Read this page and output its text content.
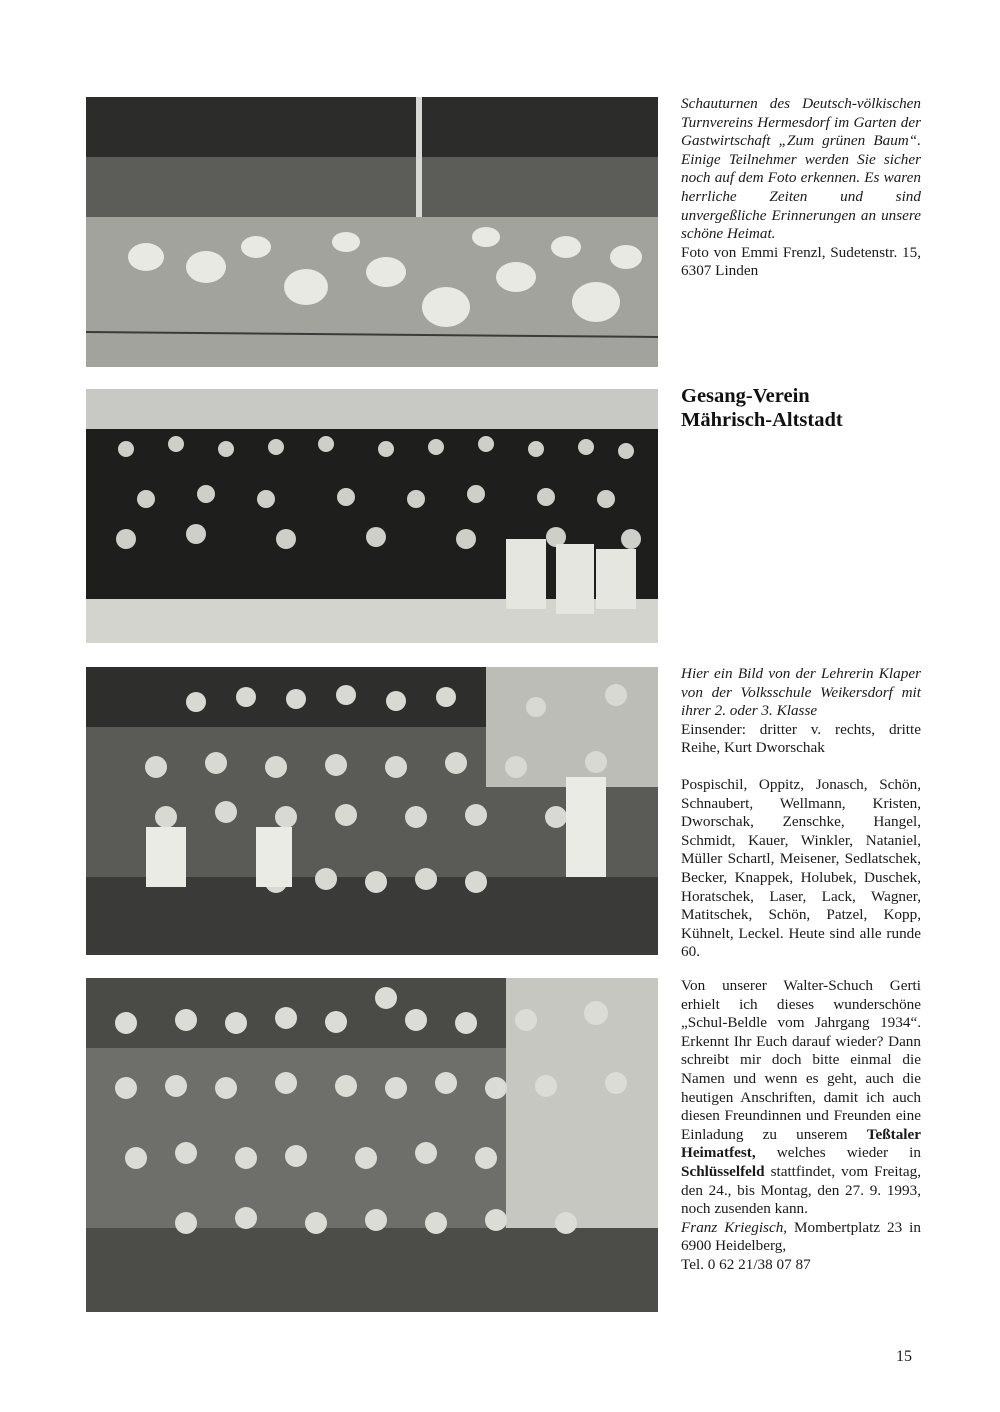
Schauturnen des Deutsch-völkischen Turnvereins Hermesdorf im Garten der Gastwirtschaft „Zum grünen Baum“. Einige Teilnehmer werden Sie sicher noch auf dem Foto erkennen. Es waren herrliche Zeiten und sind unvergeßliche Erinnerungen an unsere schöne Heimat.

Foto von Emmi Frenzl, Sudetenstr. 15, 6307 Linden

Gesang-Verein
Mährisch-Altstadt

Hier ein Bild von der Lehrerin Klaper von der Volksschule Weikersdorf mit ihrer 2. oder 3. Klasse

Einsender: dritter v. rechts, dritte Reihe, Kurt Dworschak

Pospischil, Oppitz, Jonasch, Schön, Schnaubert, Wellmann, Kristen, Dworschak, Zenschke, Hangel, Schmidt, Kauer, Winkler, Nataniel, Müller Schartl, Meisener, Sedlatschek, Becker, Knappek, Holubek, Duschek, Horatschek, Laser, Lack, Wagner, Matitschek, Schön, Patzel, Kopp, Kühnelt, Leckel. Heute sind alle runde 60.

Von unserer Walter-Schuch Gerti erhielt ich dieses wunderschöne „Schul-Beldle vom Jahrgang 1934“. Erkennt Ihr Euch darauf wieder? Dann schreibt mir doch bitte einmal die Namen und wenn es geht, auch die heutigen Anschriften, damit ich auch diesen Freundinnen und Freunden eine Einladung zu unserem Teßtaler Heimatfest, welches wieder in Schlüsselfeld stattfindet, vom Freitag, den 24., bis Montag, den 27. 9. 1993, noch zusenden kann.

Franz Kriegisch, Mombertplatz 23 in 6900 Heidelberg,

Tel. 0 62 21/38 07 87

15
